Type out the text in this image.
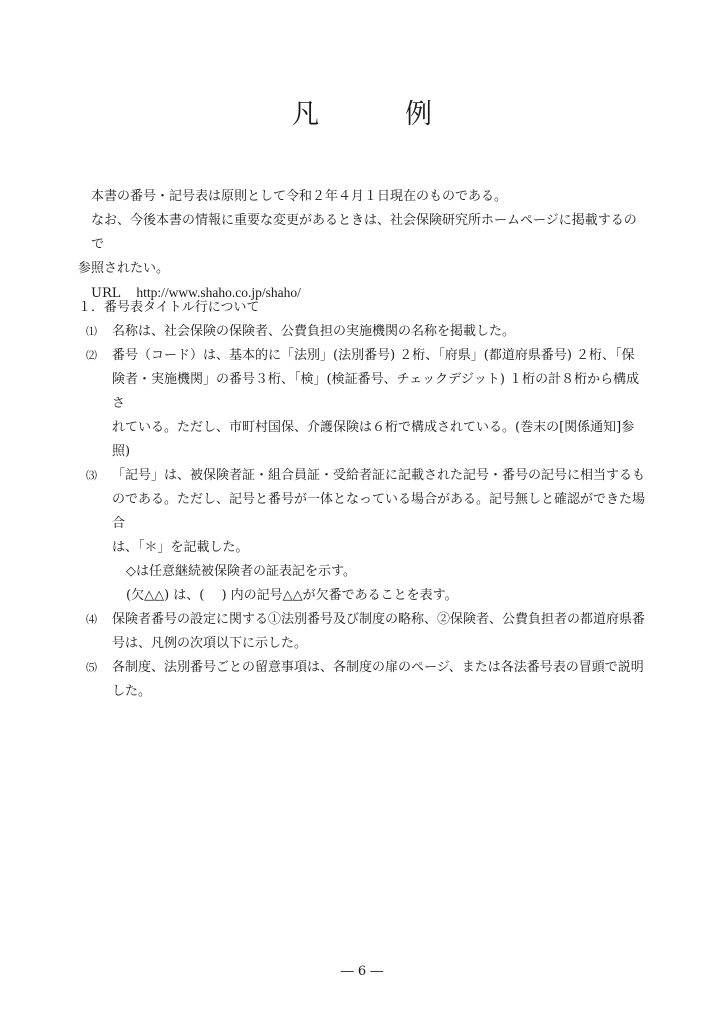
凡	例

本書の番号・記号表は原則として令和２年４月１日現在のものである。

なお、今後本書の情報に重要な変更があるときは、社会保険研究所ホームページに掲載するので

参照されたい。

URL http://www.shaho.co.jp/shaho/

１．番号表タイトル行について

⑴	名称は、社会保険の保険者、公費負担の実施機関の名称を掲載した。

⑵	番号（コード）は、基本的に「法別」(法別番号) ２桁、「府県」(都道府県番号) ２桁、「保

険者・実施機関」の番号３桁、「検」(検証番号、チェックデジット) １桁の計８桁から構成さ

れている。ただし、市町村国保、介護保険は６桁で構成されている。(巻末の[関係通知]参照)

⑶	「記号」は、被保険者証・組合員証・受給者証に記載された記号・番号の記号に相当するも

のである。ただし、記号と番号が一体となっている場合がある。記号無しと確認ができた場合

は、「＊」を記載した。

◇は任意継続被保険者の証表記を示す。

(欠△△) は、(　 ) 内の記号△△が欠番であることを表す。

⑷	保険者番号の設定に関する①法別番号及び制度の略称、②保険者、公費負担者の都道府県番

号は、凡例の次項以下に示した。

⑸	各制度、法別番号ごとの留意事項は、各制度の扉のページ、または各法番号表の冒頭で説明

した。

― 6 ―
